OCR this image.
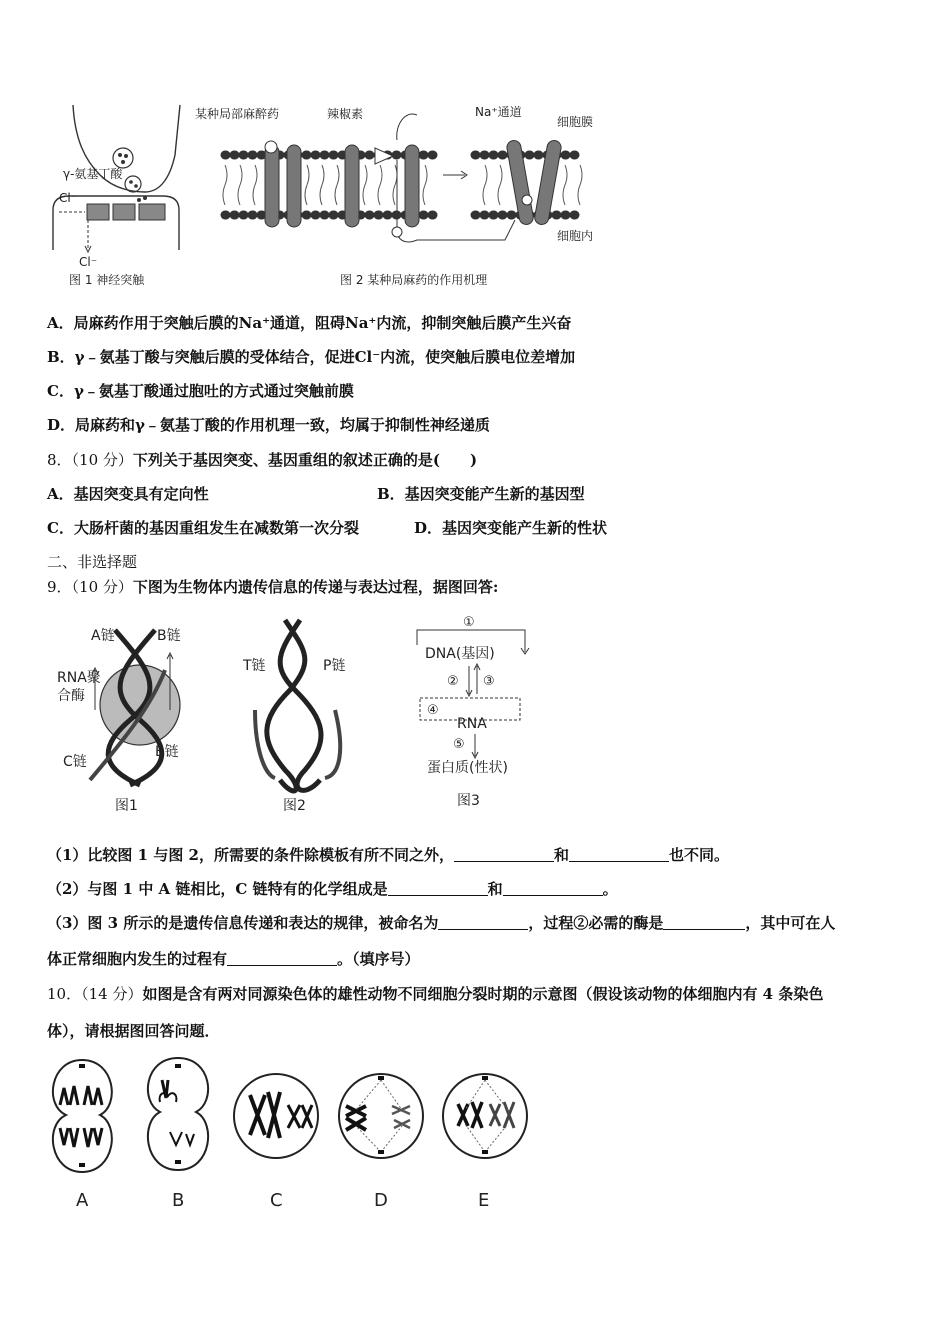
γ-氨基丁酸
Cl⁻
Cl⁻
图 1 神经突触
某种局部麻醉药	辣椒素	Na⁺通道
细胞膜
细胞内
图 2 某种局麻药的作用机理
A．局麻药作用于突触后膜的Na⁺通道，阻碍Na⁺内流，抑制突触后膜产生兴奋
B．γ﹣氨基丁酸与突触后膜的受体结合，促进Cl⁻内流，使突触后膜电位差增加
C．γ﹣氨基丁酸通过胞吐的方式通过突触前膜
D．局麻药和γ﹣氨基丁酸的作用机理一致，均属于抑制性神经递质
8．（10 分）下列关于基因突变、基因重组的叙述正确的是(　　)
A．基因突变具有定向性	B．基因突变能产生新的基因型
C．大肠杆菌的基因重组发生在减数第一次分裂	D．基因突变能产生新的性状
二、非选择题
9．（10 分）下图为生物体内遗传信息的传递与表达过程，据图回答:
A链	B链
RNA聚
合酶
C链
B链
图1
T链	P链
图2
①
DNA(基因)
② ③
④
RNA
⑤
蛋白质(性状)
图3
（1）比较图 1 与图 2，所需要的条件除模板有所不同之外，	和	也不同。
（2）与图 1 中 A 链相比，C 链特有的化学组成是	和	。
（3）图 3 所示的是遗传信息传递和表达的规律，被命名为	，过程②必需的酶是	，其中可在人
体正常细胞内发生的过程有	。（填序号）
10．（14 分）如图是含有两对同源染色体的雄性动物不同细胞分裂时期的示意图（假设该动物的体细胞内有 4 条染色
体），请根据图回答问题．
A	B	C	D	E
